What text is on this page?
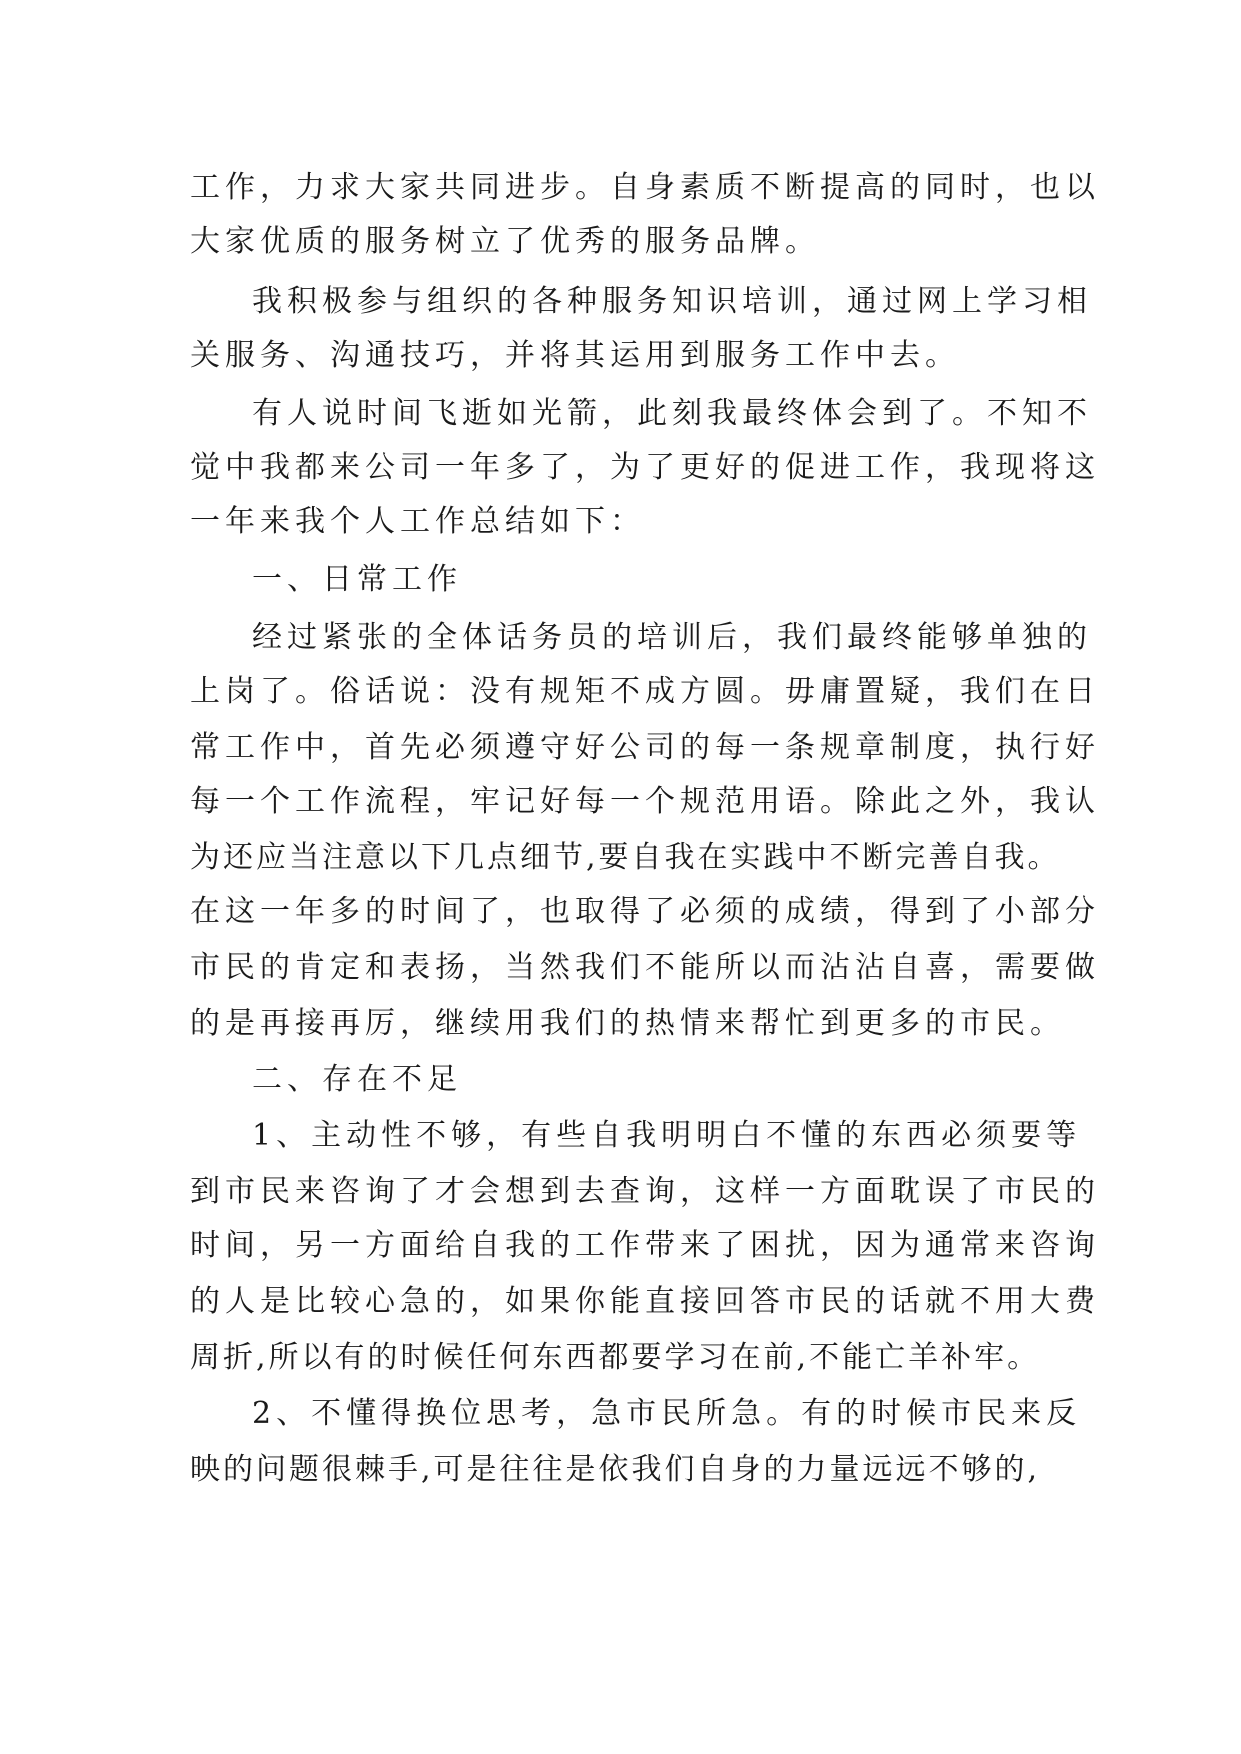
工作，力求大家共同进步。自身素质不断提高的同时，也以
大家优质的服务树立了优秀的服务品牌。
我积极参与组织的各种服务知识培训，通过网上学习相
关服务、沟通技巧，并将其运用到服务工作中去。
有人说时间飞逝如光箭，此刻我最终体会到了。不知不
觉中我都来公司一年多了，为了更好的促进工作，我现将这
一年来我个人工作总结如下：
一、日常工作
经过紧张的全体话务员的培训后，我们最终能够单独的
上岗了。俗话说：没有规矩不成方圆。毋庸置疑，我们在日
常工作中，首先必须遵守好公司的每一条规章制度，执行好
每一个工作流程，牢记好每一个规范用语。除此之外，我认
为还应当注意以下几点细节,要自我在实践中不断完善自我。
在这一年多的时间了，也取得了必须的成绩，得到了小部分
市民的肯定和表扬，当然我们不能所以而沾沾自喜，需要做
的是再接再厉，继续用我们的热情来帮忙到更多的市民。
二、存在不足
1、主动性不够，有些自我明明白不懂的东西必须要等
到市民来咨询了才会想到去查询，这样一方面耽误了市民的
时间，另一方面给自我的工作带来了困扰，因为通常来咨询
的人是比较心急的，如果你能直接回答市民的话就不用大费
周折,所以有的时候任何东西都要学习在前,不能亡羊补牢。
2、不懂得换位思考，急市民所急。有的时候市民来反
映的问题很棘手,可是往往是依我们自身的力量远远不够的,
